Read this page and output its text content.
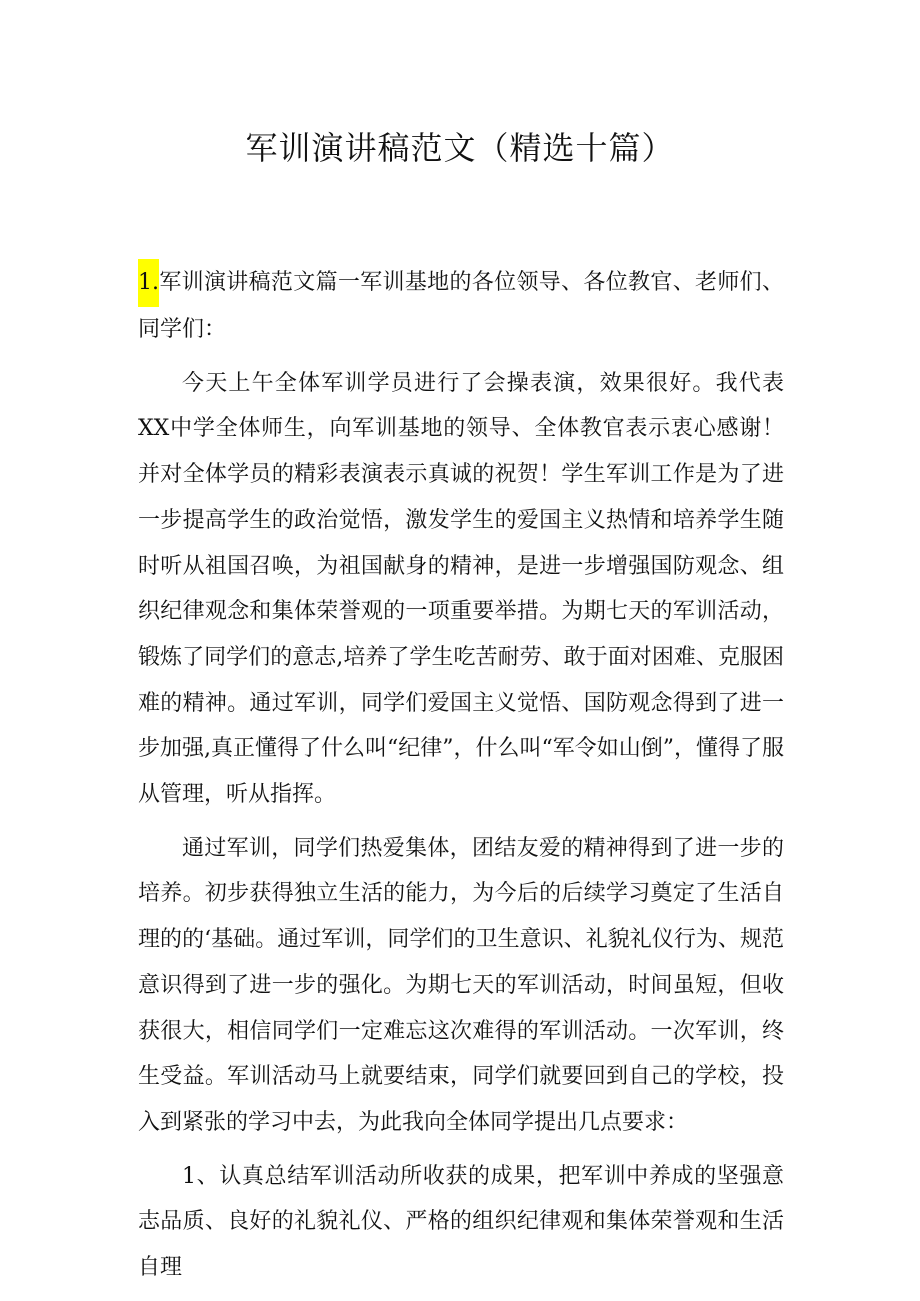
军训演讲稿范文（精选十篇）

1.军训演讲稿范文篇一军训基地的各位领导、各位教官、老师们、同学们：

今天上午全体军训学员进行了会操表演，效果很好。我代表XX中学全体师生，向军训基地的领导、全体教官表示衷心感谢！并对全体学员的精彩表演表示真诚的祝贺！学生军训工作是为了进一步提高学生的政治觉悟，激发学生的爱国主义热情和培养学生随时听从祖国召唤，为祖国献身的精神，是进一步增强国防观念、组织纪律观念和集体荣誉观的一项重要举措。为期七天的军训活动，锻炼了同学们的意志,培养了学生吃苦耐劳、敢于面对困难、克服困难的精神。通过军训，同学们爱国主义觉悟、国防观念得到了进一步加强,真正懂得了什么叫“纪律”，什么叫“军令如山倒”，懂得了服从管理，听从指挥。

通过军训，同学们热爱集体，团结友爱的精神得到了进一步的培养。初步获得独立生活的能力，为今后的后续学习奠定了生活自理的的‘基础。通过军训，同学们的卫生意识、礼貌礼仪行为、规范意识得到了进一步的强化。为期七天的军训活动，时间虽短，但收获很大，相信同学们一定难忘这次难得的军训活动。一次军训，终生受益。军训活动马上就要结束，同学们就要回到自己的学校，投入到紧张的学习中去，为此我向全体同学提出几点要求：

1、认真总结军训活动所收获的成果，把军训中养成的坚强意志品质、良好的礼貌礼仪、严格的组织纪律观和集体荣誉观和生活自理
